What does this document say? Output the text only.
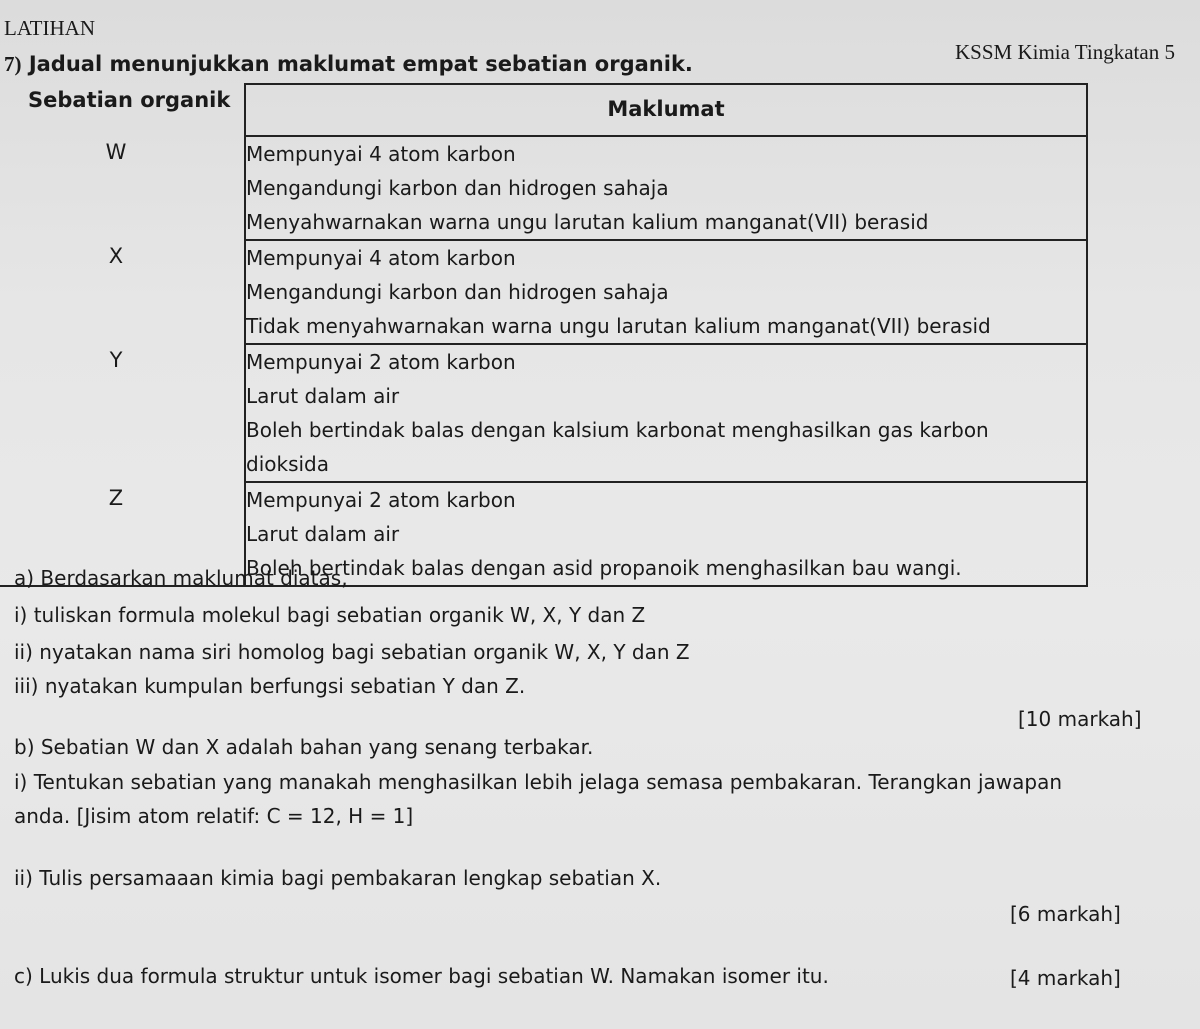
LATIHAN
KSSM Kimia Tingkatan 5
7) Jadual menunjukkan maklumat empat sebatian organik.
Sebatian organik	Maklumat

W	Mempunyai 4 atom karbon
Mengandungi karbon dan hidrogen sahaja
Menyahwarnakan warna ungu larutan kalium manganat(VII) berasid

X	Mempunyai 4 atom karbon
Mengandungi karbon dan hidrogen sahaja
Tidak menyahwarnakan warna ungu larutan kalium manganat(VII) berasid

Y	Mempunyai 2 atom karbon
Larut dalam air
Boleh bertindak balas dengan kalsium karbonat menghasilkan gas karbon
dioksida

Z	Mempunyai 2 atom karbon
Larut dalam air
Boleh bertindak balas dengan asid propanoik menghasilkan bau wangi.
a) Berdasarkan maklumat diatas,
i) tuliskan formula molekul bagi sebatian organik W, X, Y dan Z
ii) nyatakan nama siri homolog bagi sebatian organik W, X, Y dan Z
iii) nyatakan kumpulan berfungsi sebatian Y dan Z.
[10 markah]
b) Sebatian W dan X adalah bahan yang senang terbakar.
i) Tentukan sebatian yang manakah menghasilkan lebih jelaga semasa pembakaran. Terangkan jawapan
anda. [Jisim atom relatif: C = 12, H = 1]
ii) Tulis persamaaan kimia bagi pembakaran lengkap sebatian X.
[6 markah]
c) Lukis dua formula struktur untuk isomer bagi sebatian W. Namakan isomer itu.	[4 markah]
